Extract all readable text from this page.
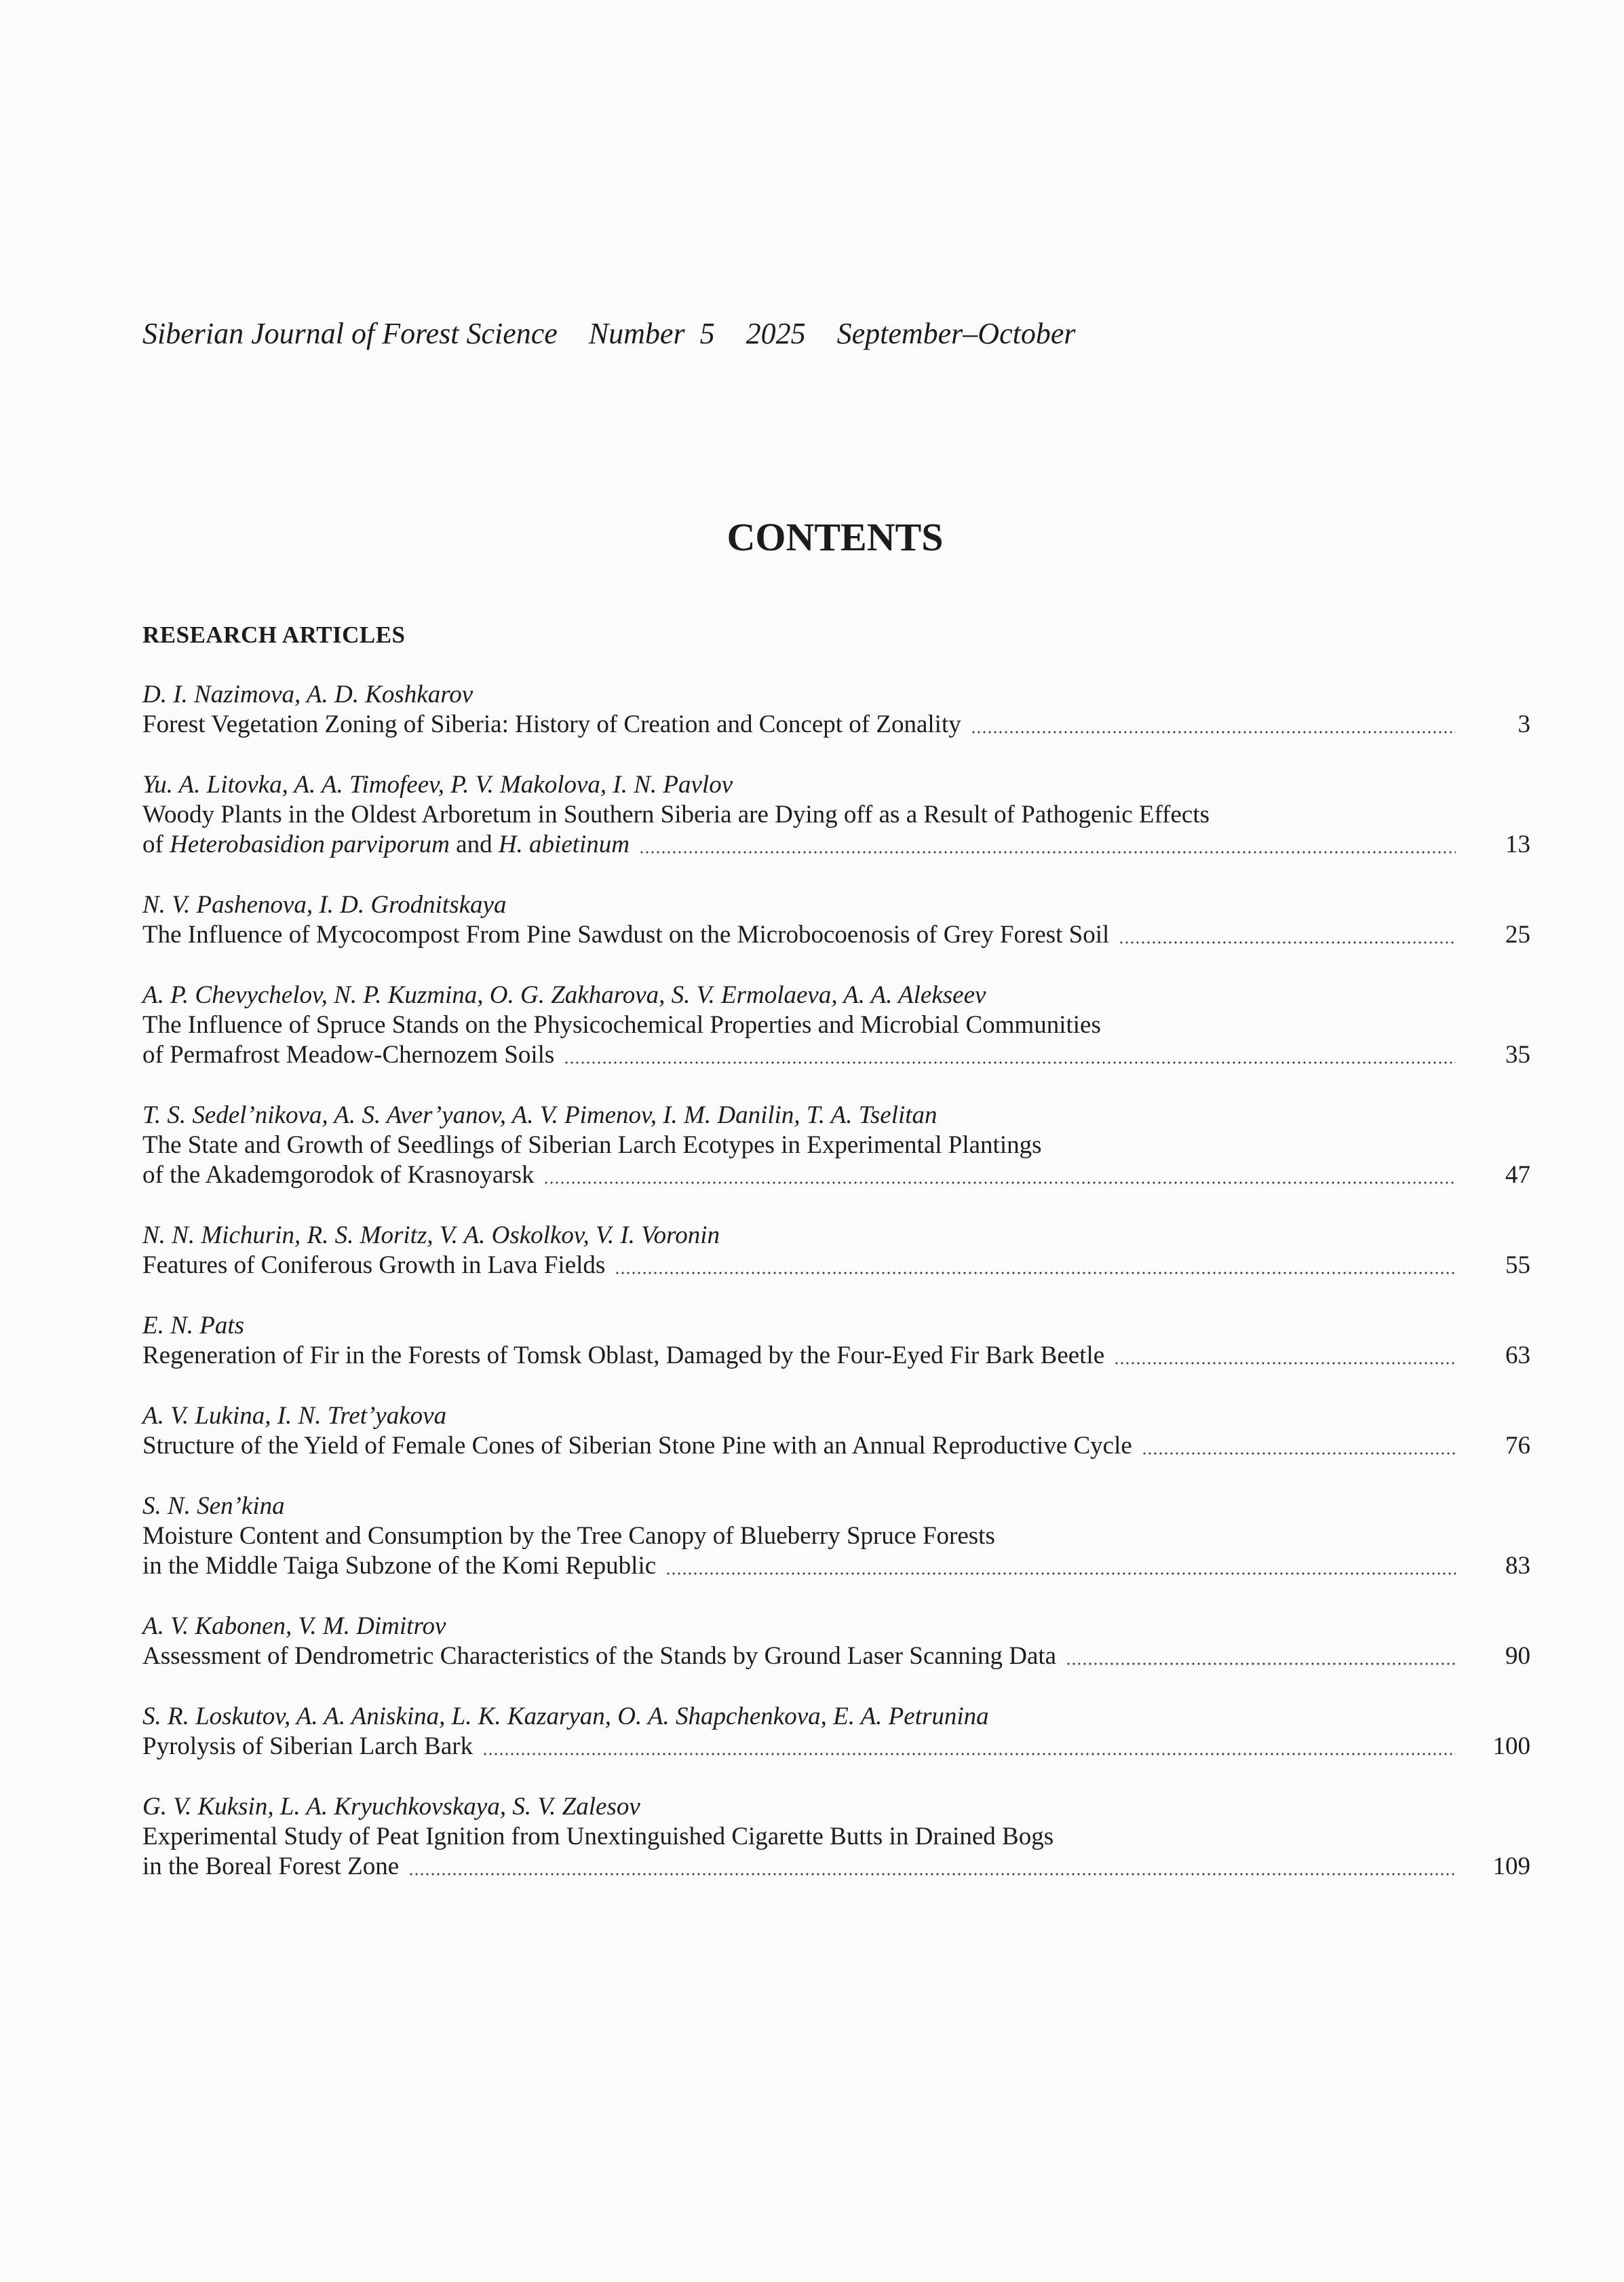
Siberian Journal of Forest Science Number  5 2025 September–October
CONTENTS
RESEARCH ARTICLES
D. I. Nazimova, A. D. Koshkarov
Forest Vegetation Zoning of Siberia: History of Creation and Concept of Zonality	3
Yu. A. Litovka, A. A. Timofeev, P. V. Makolova, I. N. Pavlov
Woody Plants in the Oldest Arboretum in Southern Siberia are Dying off as a Result of Pathogenic Effects
of Heterobasidion parviporum and H. abietinum	13
N. V. Pashenova, I. D. Grodnitskaya
The Influence of Mycocompost From Pine Sawdust on the Microbocoenosis of Grey Forest Soil	25
A. P. Chevychelov, N. P. Kuzmina, O. G. Zakharova, S. V. Ermolaeva, A. A. Alekseev
The Influence of Spruce Stands on the Physicochemical Properties and Microbial Communities
of Permafrost Meadow-Chernozem Soils	35
T. S. Sedel’nikova, A. S. Aver’yanov, A. V. Pimenov, I. M. Danilin, T. A. Tselitan
The State and Growth of Seedlings of Siberian Larch Ecotypes in Experimental Plantings
of the Akademgorodok of Krasnoyarsk	47
N. N. Michurin, R. S. Moritz, V. A. Oskolkov, V. I. Voronin
Features of Coniferous Growth in Lava Fields	55
E. N. Pats
Regeneration of Fir in the Forests of Tomsk Oblast, Damaged by the Four-Eyed Fir Bark Beetle	63
A. V. Lukina, I. N. Tret’yakova
Structure of the Yield of Female Cones of Siberian Stone Pine with an Annual Reproductive Cycle	76
S. N. Sen’kina
Moisture Content and Consumption by the Tree Canopy of Blueberry Spruce Forests
in the Middle Taiga Subzone of the Komi Republic	83
A. V. Kabonen, V. M. Dimitrov
Assessment of Dendrometric Characteristics of the Stands by Ground Laser Scanning Data	90
S. R. Loskutov, A. A. Aniskina, L. K. Kazaryan, O. A. Shapchenkova, E. A. Petrunina
Pyrolysis of Siberian Larch Bark	100
G. V. Kuksin, L. A. Kryuchkovskaya, S. V. Zalesov
Experimental Study of Peat Ignition from Unextinguished Cigarette Butts in Drained Bogs
in the Boreal Forest Zone	109
